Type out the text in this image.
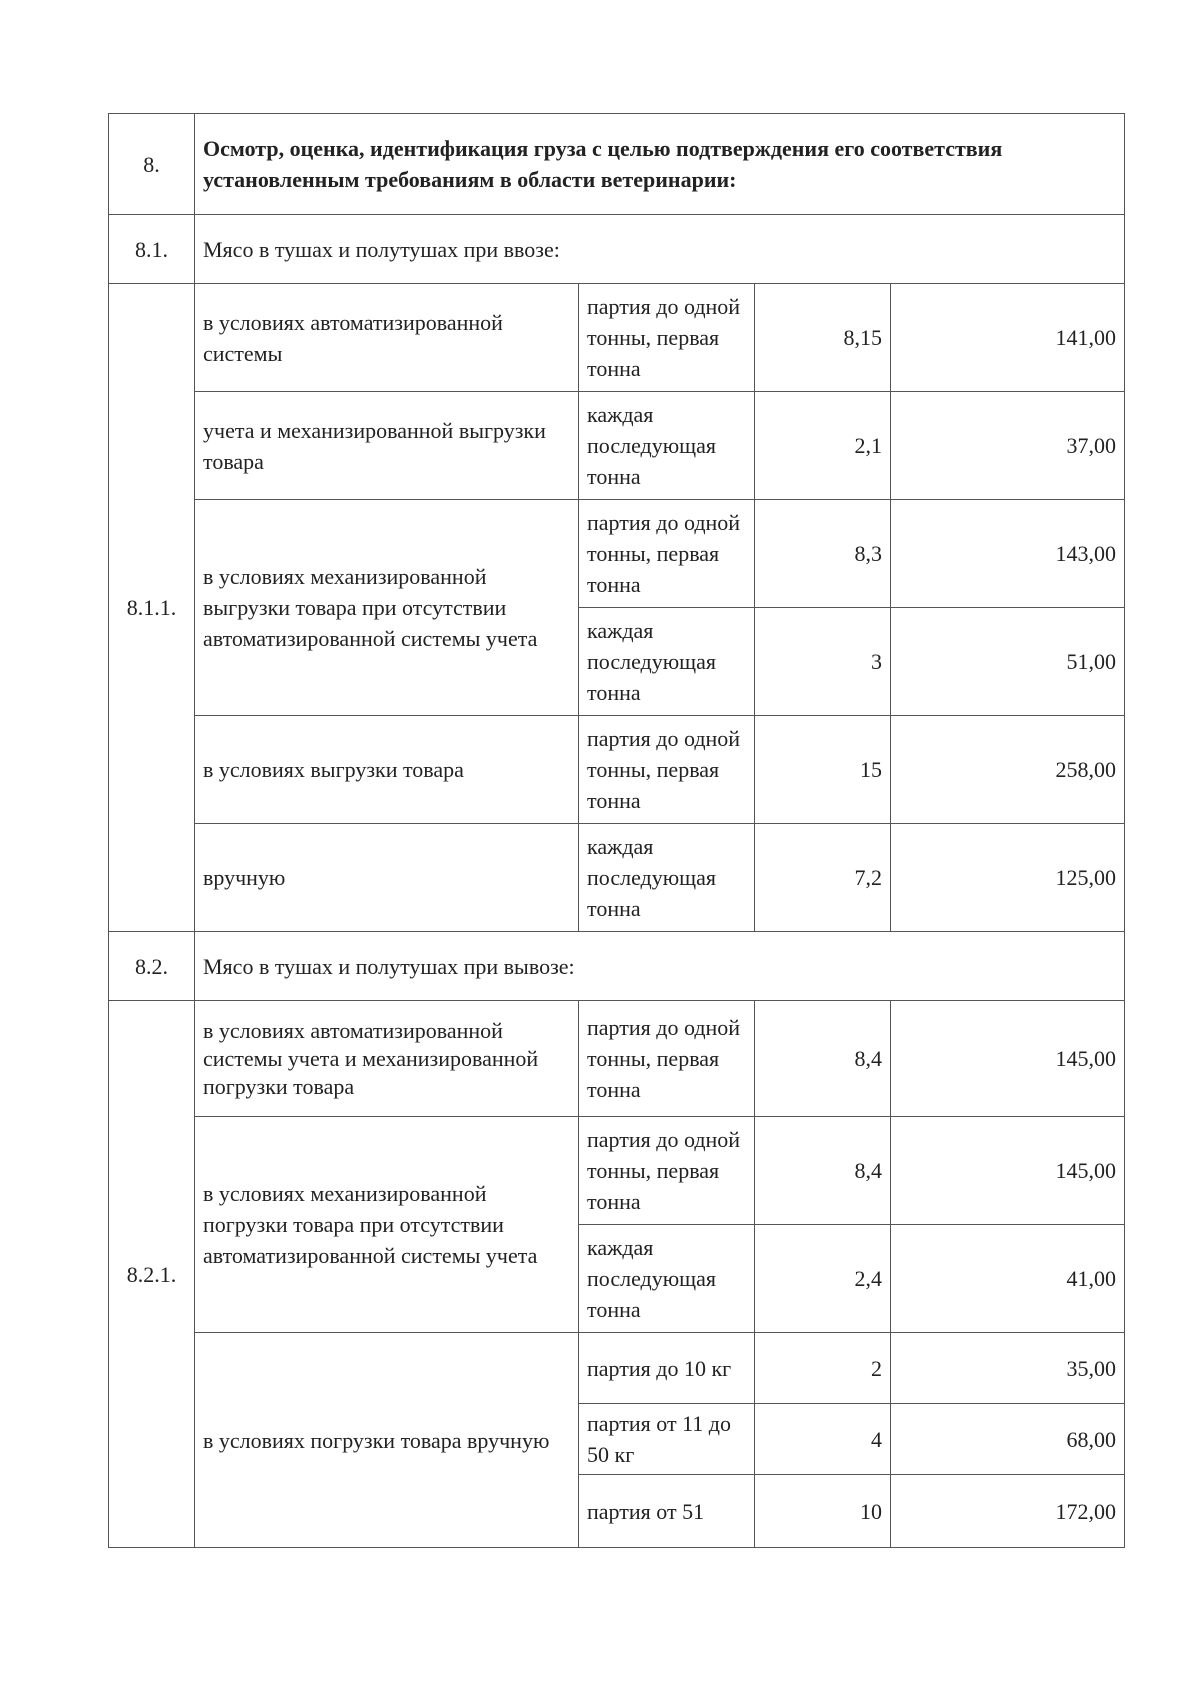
8.	Осмотр, оценка, идентификация груза с целью подтверждения его соответствия установленным требованиям в области ветеринарии:			
8.1.	Мясо в тушах и полутушах при ввозе:			
8.1.1.	в условиях автоматизированной системы	партия до одной тонны, первая тонна	8,15	141,00
	учета и механизированной выгрузки товара	каждая последующая тонна	2,1	37,00
	в условиях механизированной выгрузки товара при отсутствии автоматизированной системы учета	партия до одной тонны, первая тонна	8,3	143,00
		каждая последующая тонна	3	51,00
	в условиях выгрузки товара	партия до одной тонны, первая тонна	15	258,00
	вручную	каждая последующая тонна	7,2	125,00
8.2.	Мясо в тушах и полутушах при вывозе:			
8.2.1.	в условиях автоматизированной системы учета и механизированной погрузки товара	партия до одной тонны, первая тонна	8,4	145,00
	в условиях механизированной погрузки товара при отсутствии автоматизированной системы учета	партия до одной тонны, первая тонна	8,4	145,00
		каждая последующая тонна	2,4	41,00
	в условиях погрузки товара вручную	партия до 10 кг	2	35,00
		партия от 11 до 50 кг	4	68,00
		партия от 51	10	172,00
